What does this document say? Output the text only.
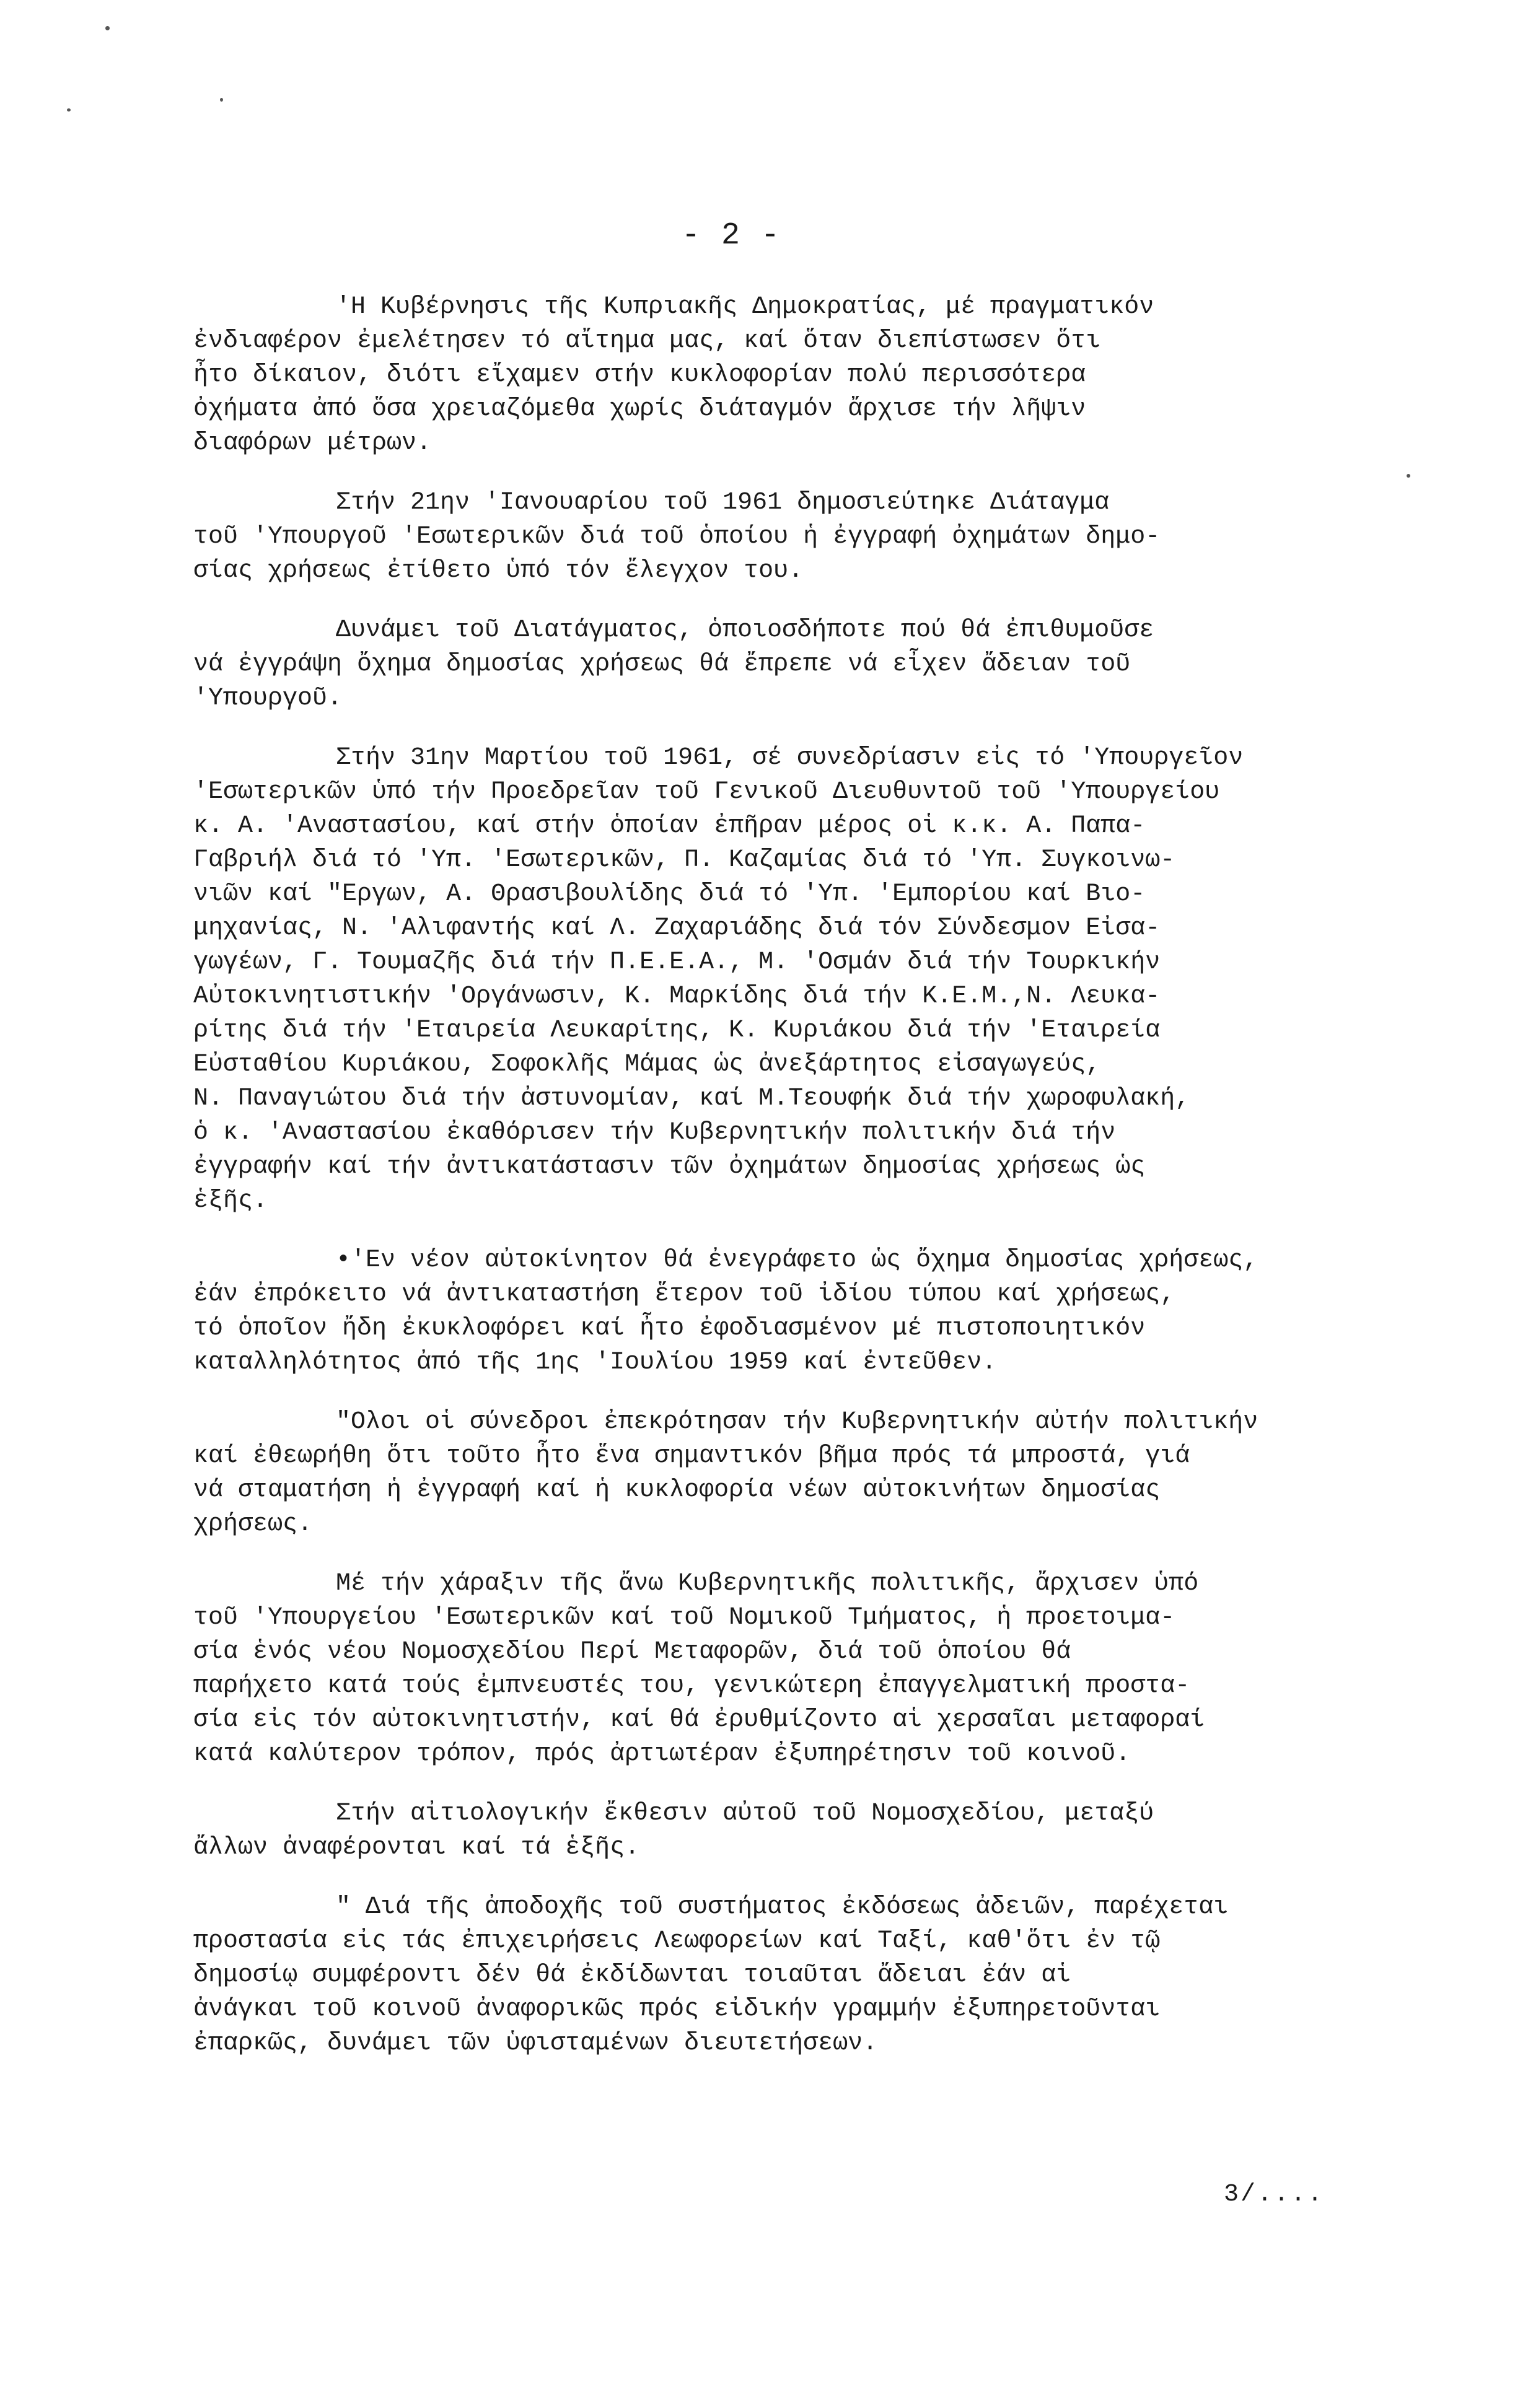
- 2 -
'Η Κυβέρνησις τῆς Κυπριακῆς Δημοκρατίας, μέ πραγματικόν
ἐνδιαφέρον ἐμελέτησεν τό αἴτημα μας, καί ὅταν διεπίστωσεν ὅτι
ἦτο δίκαιον, διότι εἴχαμεν στήν κυκλοφορίαν πολύ περισσότερα
ὀχήματα ἀπό ὅσα χρειαζόμεθα χωρίς διάταγμόν ἄρχισε τήν λῆψιν
διαφόρων μέτρων.
Στήν 21ην 'Ιανουαρίου τοῦ 1961 δημοσιεύτηκε Διάταγμα
τοῦ 'Υπουργοῦ 'Εσωτερικῶν διά τοῦ ὁποίου ἡ ἐγγραφή ὀχημάτων δημο-
σίας χρήσεως ἐτίθετο ὑπό τόν ἔλεγχον του.
Δυνάμει τοῦ Διατάγματος, ὁποιοσδήποτε πού θά ἐπιθυμοῦσε
νά ἐγγράψη ὄχημα δημοσίας χρήσεως θά ἔπρεπε νά εἶχεν ἄδειαν τοῦ
'Υπουργοῦ.
Στήν 31ην Μαρτίου τοῦ 1961, σέ συνεδρίασιν εἰς τό 'Υπουργεῖον
'Εσωτερικῶν ὑπό τήν Προεδρεῖαν τοῦ Γενικοῦ Διευθυντοῦ τοῦ 'Υπουργείου
κ. Α. 'Αναστασίου, καί στήν ὁποίαν ἐπῆραν μέρος οἱ κ.κ. Α. Παπα-
Γαβριήλ διά τό 'Υπ. 'Εσωτερικῶν, Π. Καζαμίας διά τό 'Υπ. Συγκοινω-
νιῶν καί "Εργων, Α. Θρασιβουλίδης διά τό 'Υπ. 'Εμπορίου καί Βιο-
μηχανίας, Ν. 'Αλιφαντής καί Λ. Ζαχαριάδης διά τόν Σύνδεσμον Εἰσα-
γωγέων, Γ. Τουμαζῆς διά τήν Π.Ε.Ε.Α., Μ. 'Οσμάν διά τήν Τουρκικήν
Αὐτοκινητιστικήν 'Οργάνωσιν, Κ. Μαρκίδης διά τήν Κ.Ε.Μ.,Ν. Λευκα-
ρίτης διά τήν 'Εταιρεία Λευκαρίτης, Κ. Κυριάκου διά τήν 'Εταιρεία
Εὐσταθίου Κυριάκου, Σοφοκλῆς Μάμας ὡς ἀνεξάρτητος εἰσαγωγεύς,
Ν. Παναγιώτου διά τήν ἀστυνομίαν, καί Μ.Τεουφήκ διά τήν χωροφυλακή,
ὁ κ. 'Αναστασίου ἐκαθόρισεν τήν Κυβερνητικήν πολιτικήν διά τήν
ἐγγραφήν καί τήν ἀντικατάστασιν τῶν ὀχημάτων δημοσίας χρήσεως ὡς
ἑξῆς.
•'Εν νέον αὐτοκίνητον θά ἐνεγράφετο ὡς ὄχημα δημοσίας χρήσεως,
ἐάν ἐπρόκειτο νά ἀντικαταστήση ἕτερον τοῦ ἰδίου τύπου καί χρήσεως,
τό ὁποῖον ἤδη ἐκυκλοφόρει καί ἦτο ἐφοδιασμένον μέ πιστοποιητικόν
καταλληλότητος ἀπό τῆς 1ης 'Ιουλίου 1959 καί ἐντεῦθεν.
"Ολοι οἱ σύνεδροι ἐπεκρότησαν τήν Κυβερνητικήν αὐτήν πολιτικήν
καί ἐθεωρήθη ὅτι τοῦτο ἦτο ἕνα σημαντικόν βῆμα πρός τά μπροστά, γιά
νά σταματήση ἡ ἐγγραφή καί ἡ κυκλοφορία νέων αὐτοκινήτων δημοσίας
χρήσεως.
Μέ τήν χάραξιν τῆς ἄνω Κυβερνητικῆς πολιτικῆς, ἄρχισεν ὑπό
τοῦ 'Υπουργείου 'Εσωτερικῶν καί τοῦ Νομικοῦ Τμήματος, ἡ προετοιμα-
σία ἑνός νέου Νομοσχεδίου Περί Μεταφορῶν, διά τοῦ ὁποίου θά
παρήχετο κατά τούς ἐμπνευστές του, γενικώτερη ἐπαγγελματική προστα-
σία εἰς τόν αὐτοκινητιστήν, καί θά ἐρυθμίζοντο αἱ χερσαῖαι μεταφοραί
κατά καλύτερον τρόπον, πρός ἀρτιωτέραν ἐξυπηρέτησιν τοῦ κοινοῦ.
Στήν αἰτιολογικήν ἔκθεσιν αὐτοῦ τοῦ Νομοσχεδίου, μεταξύ
ἄλλων ἀναφέρονται καί τά ἑξῆς.
" Διά τῆς ἀποδοχῆς τοῦ συστήματος ἐκδόσεως ἀδειῶν, παρέχεται
προστασία εἰς τάς ἐπιχειρήσεις Λεωφορείων καί Ταξί, καθ'ὅτι ἐν τῷ
δημοσίῳ συμφέροντι δέν θά ἐκδίδωνται τοιαῦται ἄδειαι ἐάν αἱ
ἀνάγκαι τοῦ κοινοῦ ἀναφορικῶς πρός εἰδικήν γραμμήν ἐξυπηρετοῦνται
ἐπαρκῶς, δυνάμει τῶν ὑφισταμένων διευτετήσεων.
3/....
